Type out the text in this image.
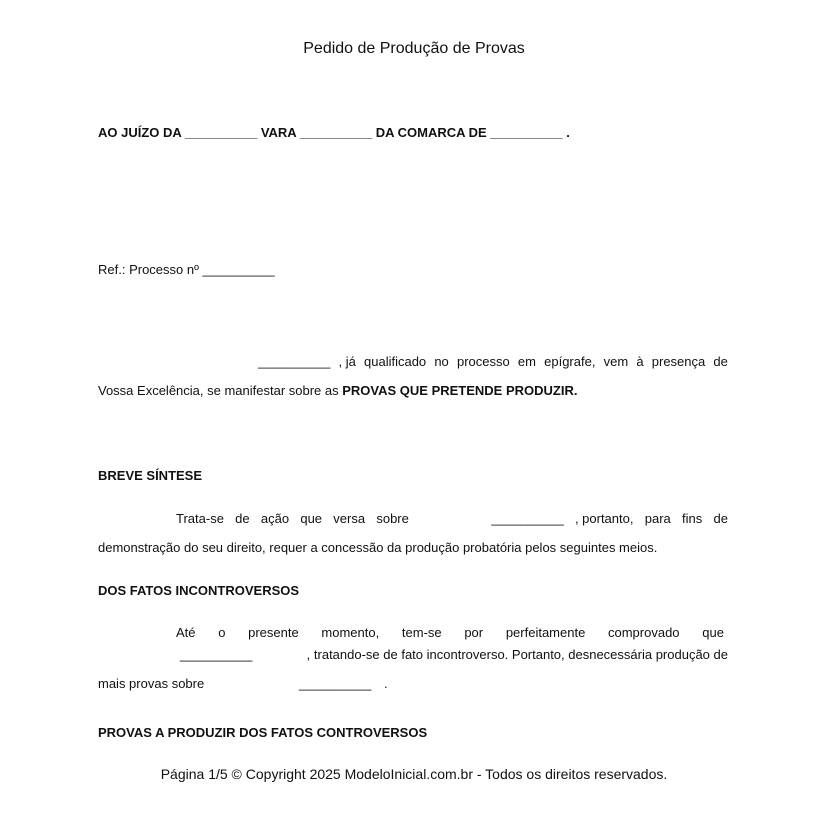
Pedido de Produção de Provas
AO JUÍZO DA __________ VARA __________ DA COMARCA DE __________ .
Ref.: Processo nº __________
__________ , já qualificado no processo em epígrafe, vem à presença de
Vossa Excelência, se manifestar sobre as PROVAS QUE PRETENDE PRODUZIR.
BREVE SÍNTESE
Trata-se de ação que versa sobre	__________ , portanto, para fins de
demonstração do seu direito, requer a concessão da produção probatória pelos seguintes meios.
DOS FATOS INCONTROVERSOS
Até o presente momento, tem-se por perfeitamente comprovado que
__________	, tratando-se de fato incontroverso. Portanto, desnecessária produção de
mais provas sobre	__________ .
PROVAS A PRODUZIR DOS FATOS CONTROVERSOS
Página 1/5 © Copyright 2025 ModeloInicial.com.br - Todos os direitos reservados.
